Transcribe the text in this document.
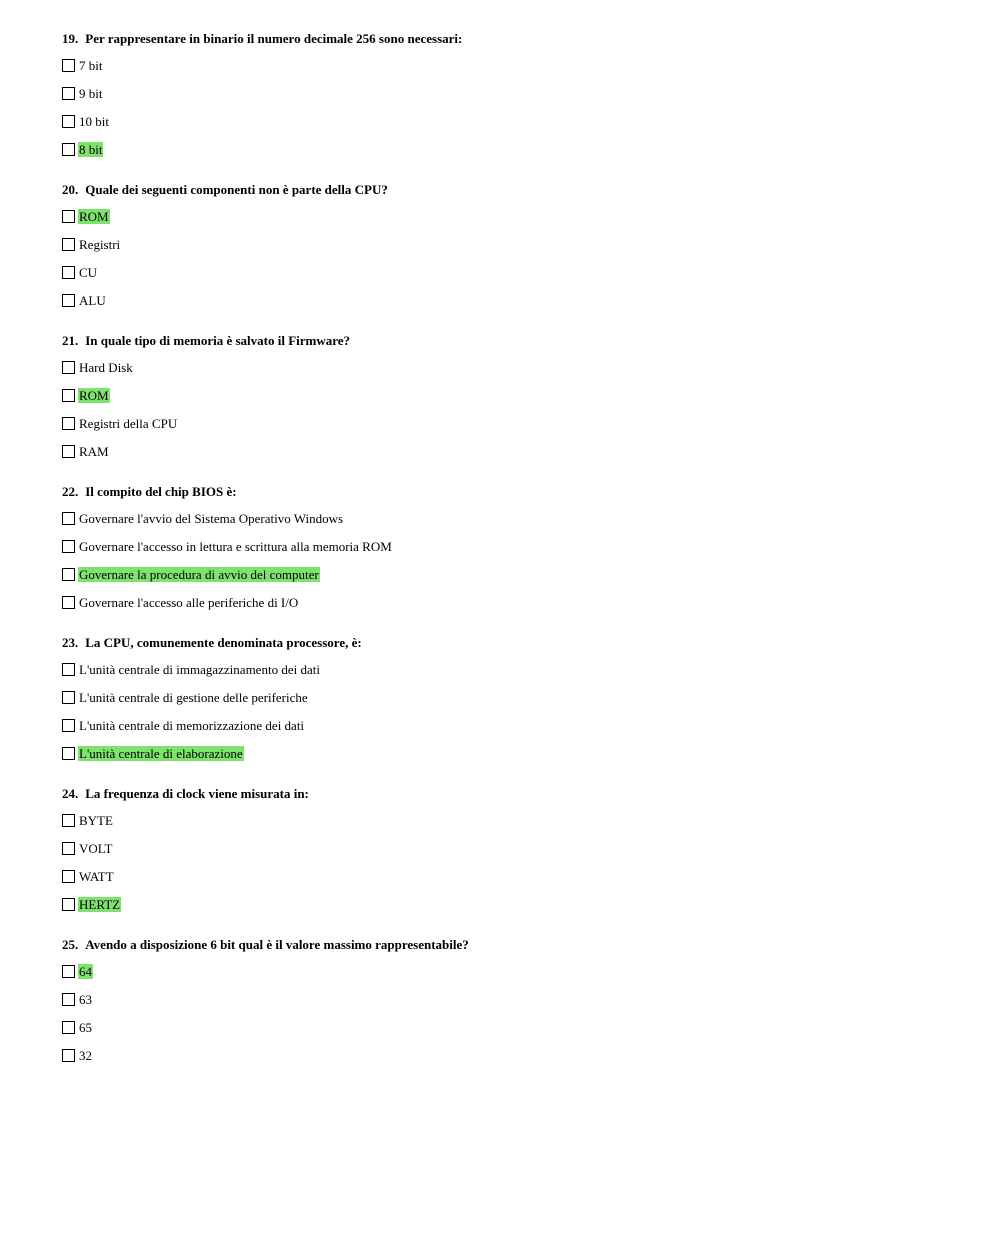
19. Per rappresentare in binario il numero decimale 256 sono necessari:
7 bit
9 bit
10 bit
8 bit
20. Quale dei seguenti componenti non è parte della CPU?
ROM
Registri
CU
ALU
21. In quale tipo di memoria è salvato il Firmware?
Hard Disk
ROM
Registri della CPU
RAM
22. Il compito del chip BIOS è:
Governare l'avvio del Sistema Operativo Windows
Governare l'accesso in lettura e scrittura alla memoria ROM
Governare la procedura di avvio del computer
Governare l'accesso alle periferiche di I/O
23. La CPU, comunemente denominata processore, è:
L'unità centrale di immagazzinamento dei dati
L'unità centrale di gestione delle periferiche
L'unità centrale di memorizzazione dei dati
L'unità centrale di elaborazione
24. La frequenza di clock viene misurata in:
BYTE
VOLT
WATT
HERTZ
25. Avendo a disposizione 6 bit qual è il valore massimo rappresentabile?
64
63
65
32
